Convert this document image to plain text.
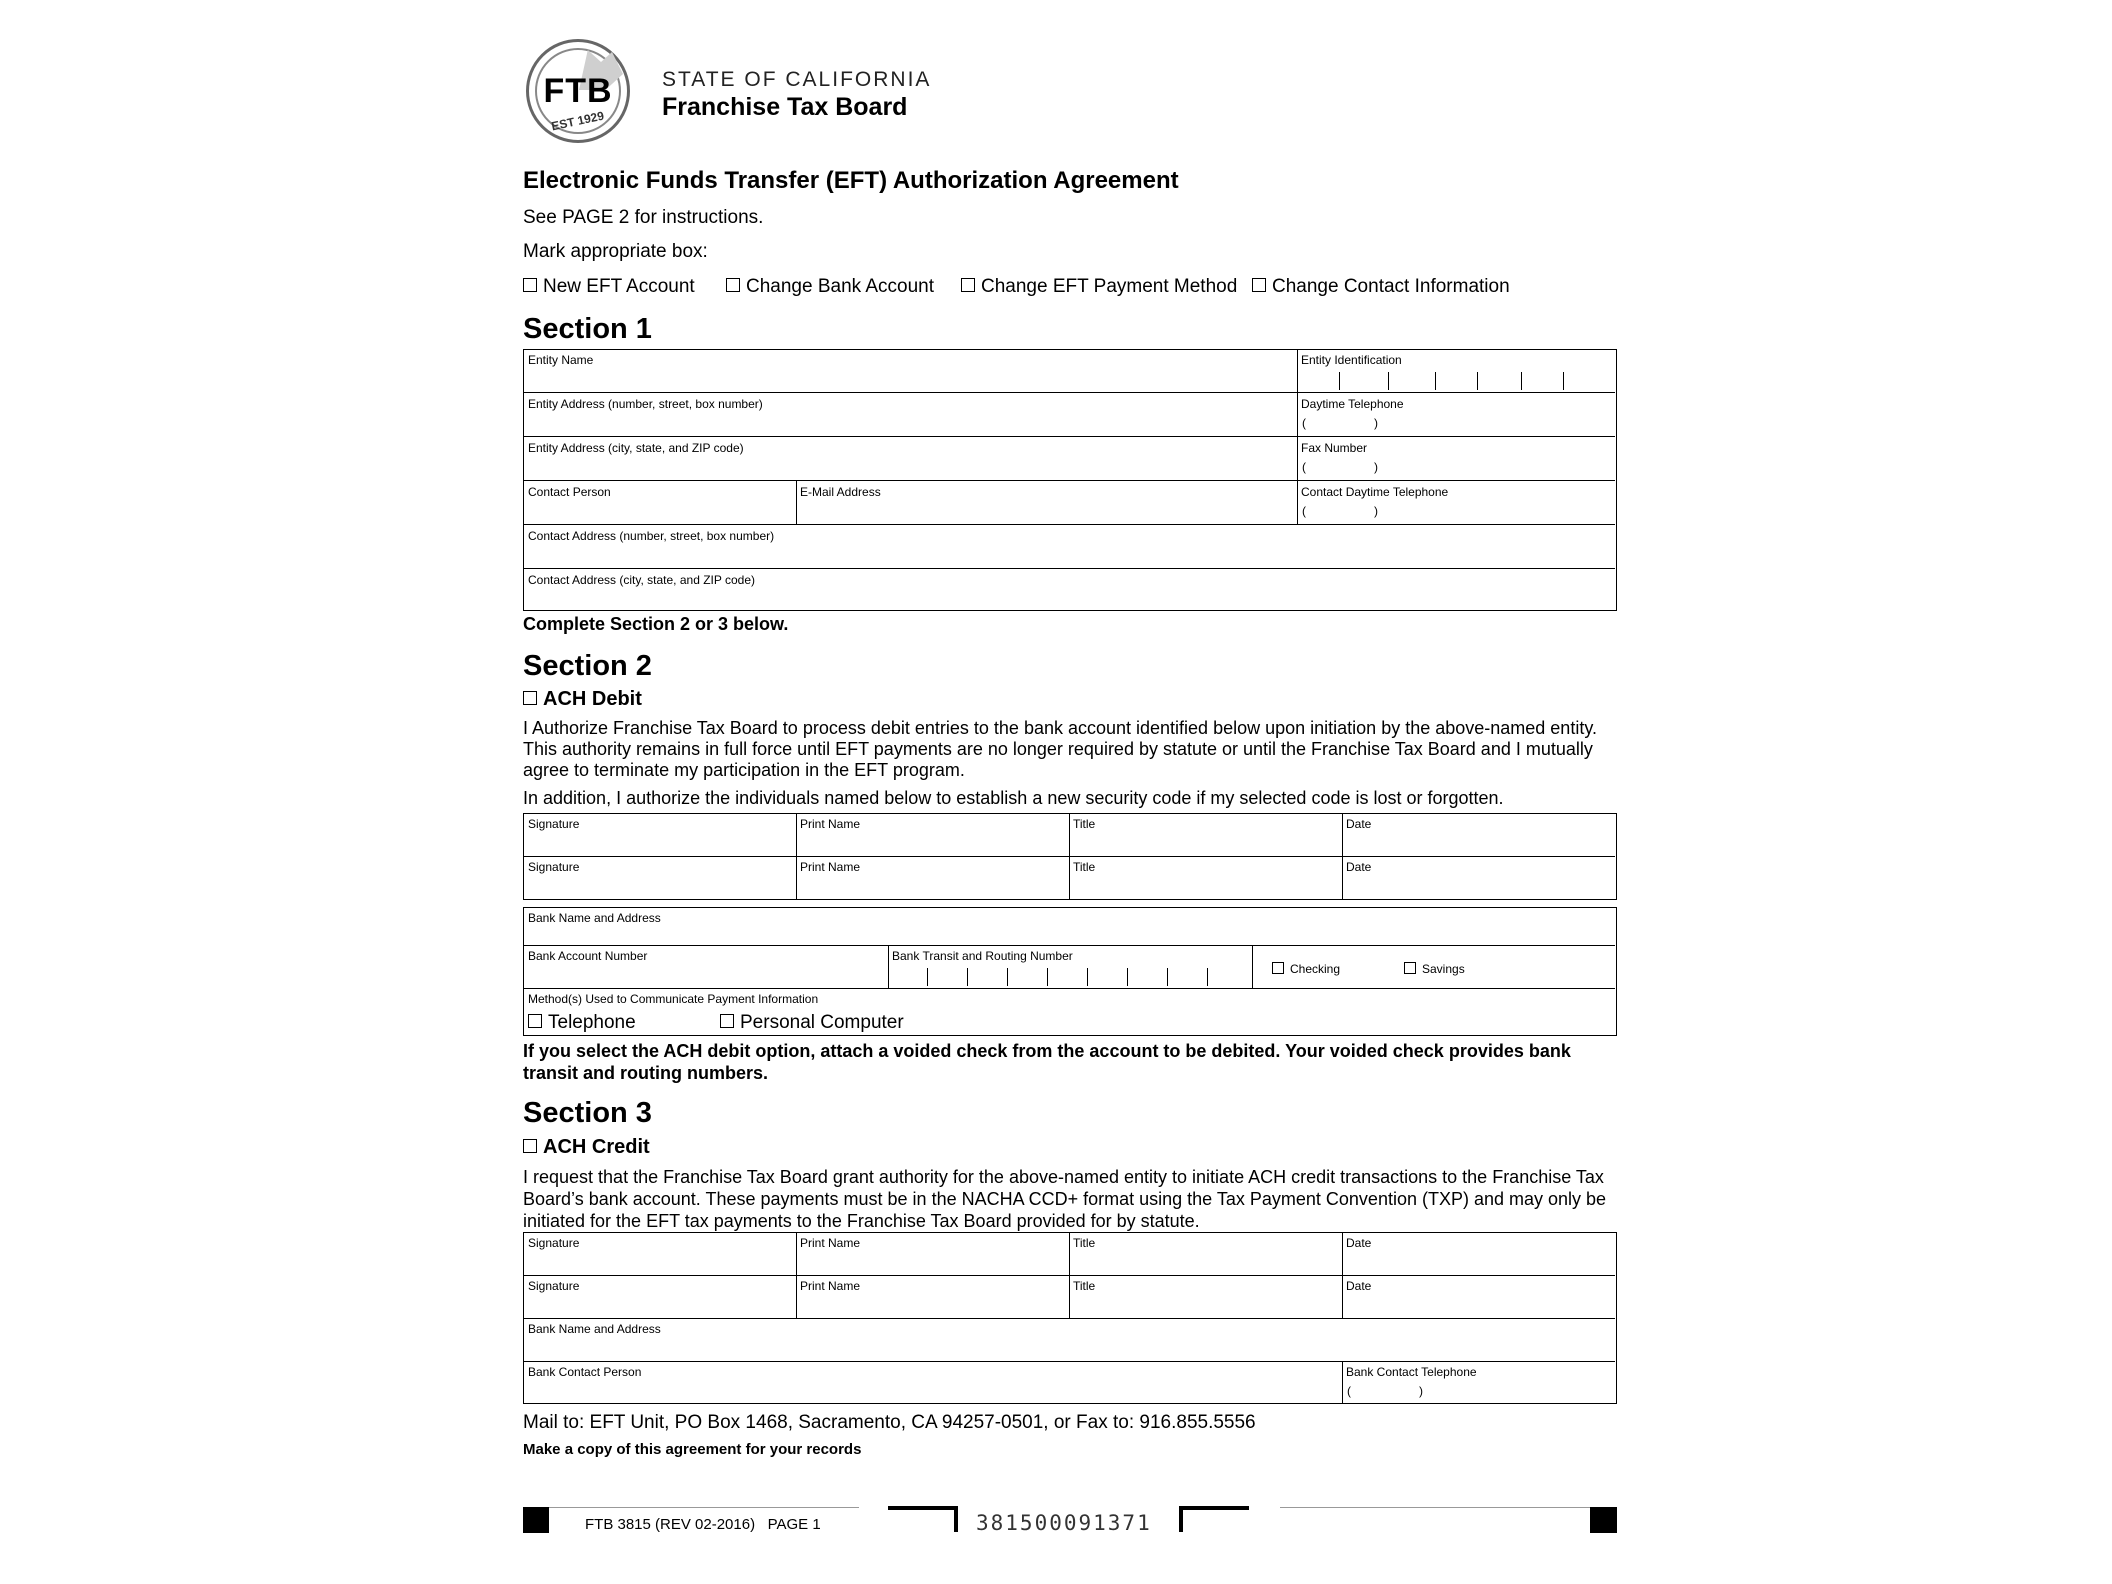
FTB
EST 1929
STATE OF CALIFORNIA
Franchise Tax Board
Electronic Funds Transfer (EFT) Authorization Agreement
See PAGE 2 for instructions.
Mark appropriate box:
New EFT Account	Change Bank Account	Change EFT Payment Method	Change Contact Information
Section 1
Entity Name	Entity Identification
Entity Address (number, street, box number)	Daytime Telephone
(	)
Entity Address (city, state, and ZIP code)	Fax Number
(	)
Contact Person	E-Mail Address	Contact Daytime Telephone
(	)
Contact Address (number, street, box number)
Contact Address (city, state, and ZIP code)
Complete Section 2 or 3 below.
Section 2
ACH Debit
I Authorize Franchise Tax Board to process debit entries to the bank account identified below upon initiation by the above-named entity. This authority remains in full force until EFT payments are no longer required by statute or until the Franchise Tax Board and I mutually agree to terminate my participation in the EFT program.
In addition, I authorize the individuals named below to establish a new security code if my selected code is lost or forgotten.
Signature	Print Name	Title	Date
Signature	Print Name	Title	Date
Bank Name and Address
Bank Account Number	Bank Transit and Routing Number
Checking	Savings
Method(s) Used to Communicate Payment Information
Telephone	Personal Computer
If you select the ACH debit option, attach a voided check from the account to be debited. Your voided check provides bank transit and routing numbers.
Section 3
ACH Credit
I request that the Franchise Tax Board grant authority for the above-named entity to initiate ACH credit transactions to the Franchise Tax Board’s bank account. These payments must be in the NACHA CCD+ format using the Tax Payment Convention (TXP) and may only be initiated for the EFT tax payments to the Franchise Tax Board provided for by statute.
Signature	Print Name	Title	Date
Signature	Print Name	Title	Date
Bank Name and Address
Bank Contact Person	Bank Contact Telephone
(	)
Mail to: EFT Unit, PO Box 1468, Sacramento, CA 94257-0501, or Fax to: 916.855.5556
Make a copy of this agreement for your records
FTB 3815 (REV 02-2016)   PAGE 1	381500091371
